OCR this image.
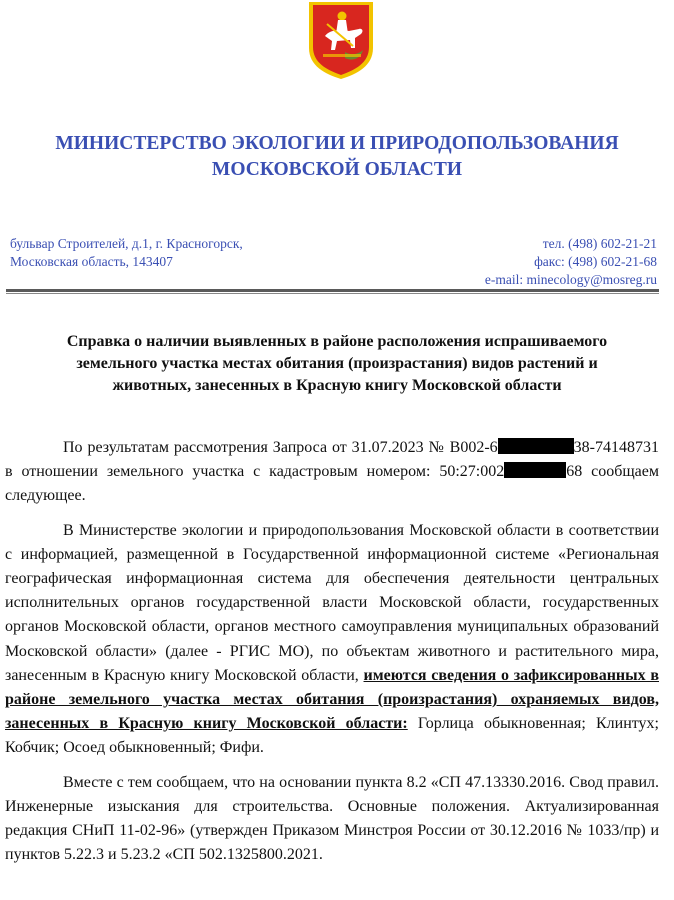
МИНИСТЕРСТВО ЭКОЛОГИИ И ПРИРОДОПОЛЬЗОВАНИЯ
МОСКОВСКОЙ ОБЛАСТИ
бульвар Строителей, д.1, г. Красногорск,
Московская область, 143407
тел. (498) 602-21-21
факс: (498) 602-21-68
e-mail: minecology@mosreg.ru
Справка о наличии выявленных в районе расположения испрашиваемого
земельного участка местах обитания (произрастания) видов растений и
животных, занесенных в Красную книгу Московской области

По результатам рассмотрения Запроса от 31.07.2023 № В002-6	38-74148731 в отношении земельного участка с кадастровым номером: 50:27:002	68 сообщаем следующее.

В Министерстве экологии и природопользования Московской области в соответствии с информацией, размещенной в Государственной информационной системе «Региональная географическая информационная система для обеспечения деятельности центральных исполнительных органов государственной власти Московской области, государственных органов Московской области, органов местного самоуправления муниципальных образований Московской области» (далее - РГИС МО), по объектам животного и растительного мира, занесенным в Красную книгу Московской области, имеются сведения о зафиксированных в районе земельного участка местах обитания (произрастания) охраняемых видов, занесенных в Красную книгу Московской области: Горлица обыкновенная; Клинтух; Кобчик; Осоед обыкновенный; Фифи.

Вместе с тем сообщаем, что на основании пункта 8.2 «СП 47.13330.2016. Свод правил. Инженерные изыскания для строительства. Основные положения. Актуализированная редакция СНиП 11-02-96» (утвержден Приказом Минстроя России от 30.12.2016 № 1033/пр) и пунктов 5.22.3 и 5.23.2 «СП 502.1325800.2021.
